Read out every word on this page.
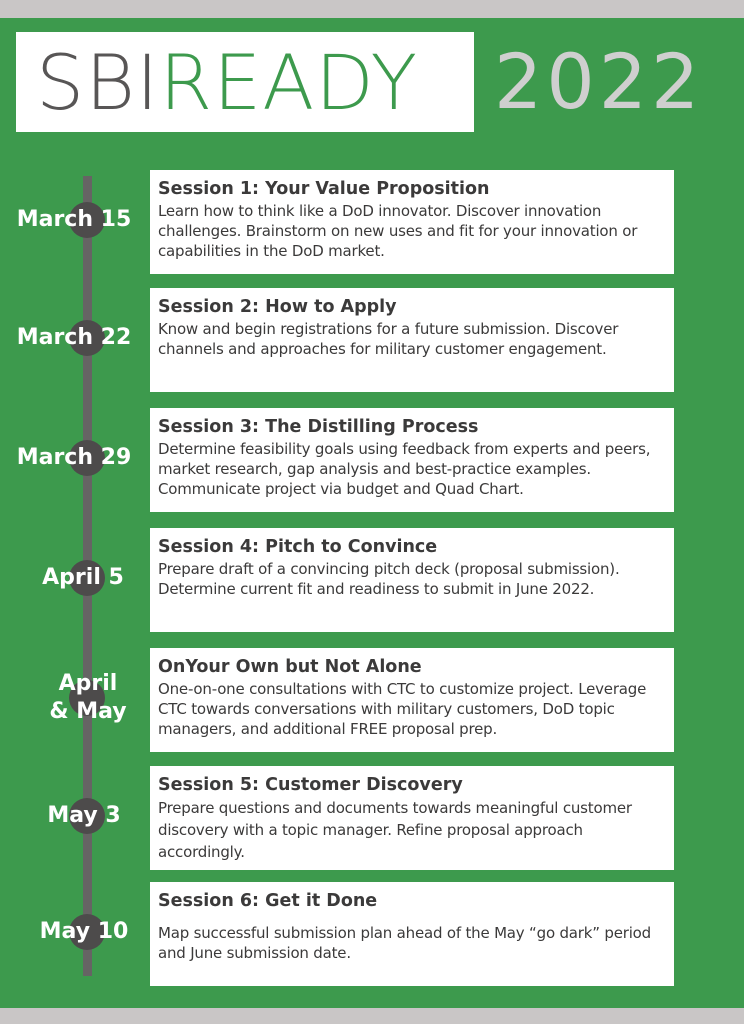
SBIREADY 2022
March 15
Session 1: Your Value Proposition
Learn how to think like a DoD innovator. Discover innovation challenges. Brainstorm on new uses and fit for your innovation or capabilities in the DoD market.
March 22
Session 2: How to Apply
Know and begin registrations for a future submission. Discover channels and approaches for military customer engagement.
March 29
Session 3: The Distilling Process
Determine feasibility goals using feedback from experts and peers, market research, gap analysis and best-practice examples. Communicate project via budget and Quad Chart.
April 5
Session 4: Pitch to Convince
Prepare draft of a convincing pitch deck (proposal submission). Determine current fit and readiness to submit in June 2022.
April
& May
OnYour Own but Not Alone
One-on-one consultations with CTC to customize project. Leverage CTC towards conversations with military customers, DoD topic managers, and additional FREE proposal prep.
May 3
Session 5: Customer Discovery
Prepare questions and documents towards meaningful customer discovery with a topic manager. Refine proposal approach accordingly.
May 10
Session 6: Get it Done
Map successful submission plan ahead of the May “go dark” period and June submission date.
